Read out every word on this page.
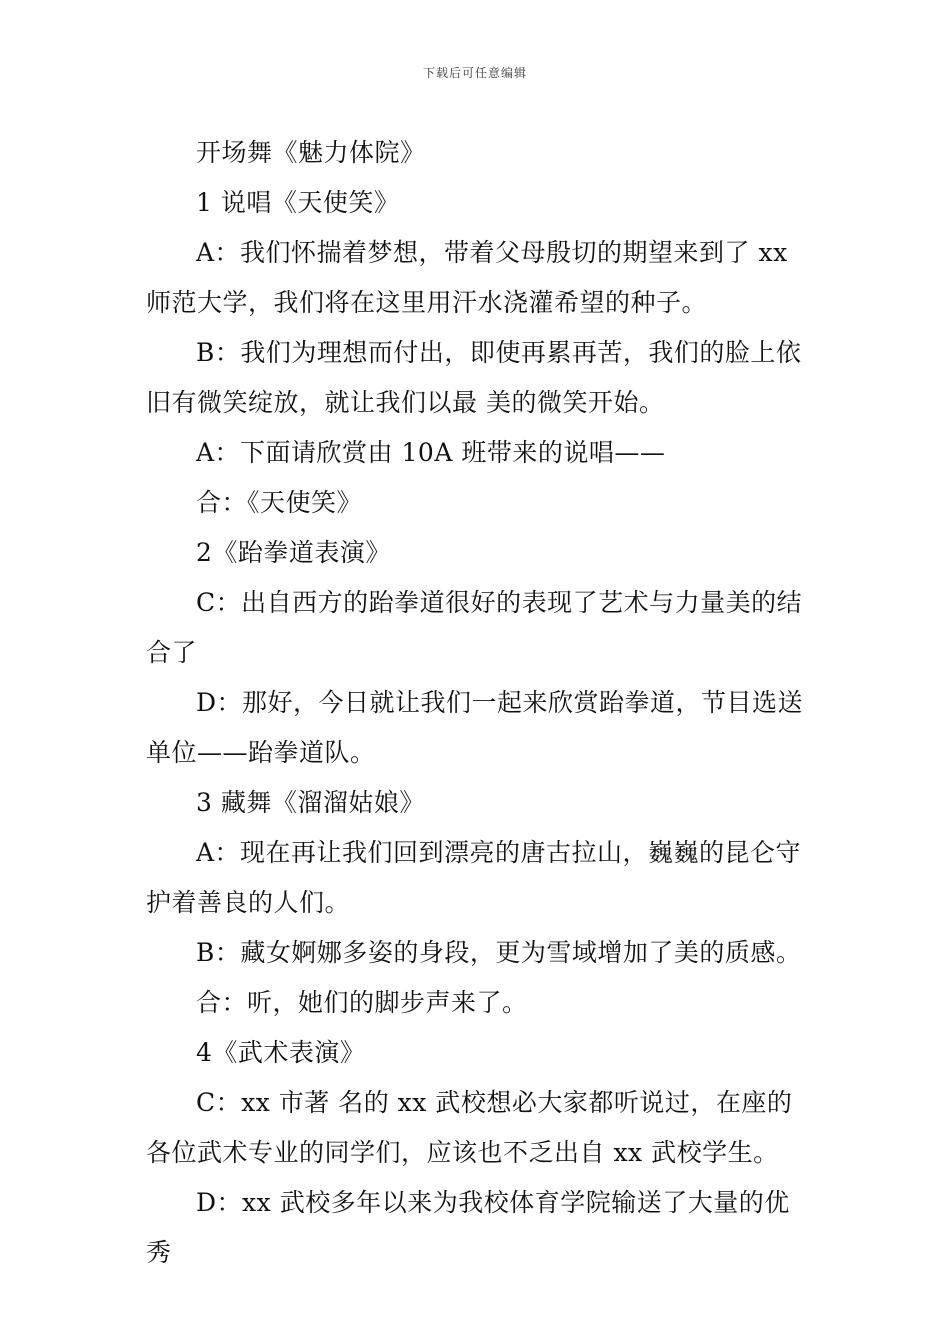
下载后可任意编辑

开场舞《魅力体院》

1 说唱《天使笑》

A：我们怀揣着梦想，带着父母殷切的期望来到了 xx 师范大学，我们将在这里用汗水浇灌希望的种子。

B：我们为理想而付出，即使再累再苦，我们的脸上依旧有微笑绽放，就让我们以最 美的微笑开始。

A：下面请欣赏由 10A 班带来的说唱——

合：《天使笑》

2《跆拳道表演》

C：出自西方的跆拳道很好的表现了艺术与力量美的结合了

D：那好，今日就让我们一起来欣赏跆拳道，节目选送单位——跆拳道队。

3 藏舞《溜溜姑娘》

A：现在再让我们回到漂亮的唐古拉山，巍巍的昆仑守护着善良的人们。

B：藏女婀娜多姿的身段，更为雪域增加了美的质感。

合：听，她们的脚步声来了。

4《武术表演》

C：xx 市著 名的 xx 武校想必大家都听说过，在座的各位武术专业的同学们，应该也不乏出自 xx 武校学生。

D：xx 武校多年以来为我校体育学院输送了大量的优秀
